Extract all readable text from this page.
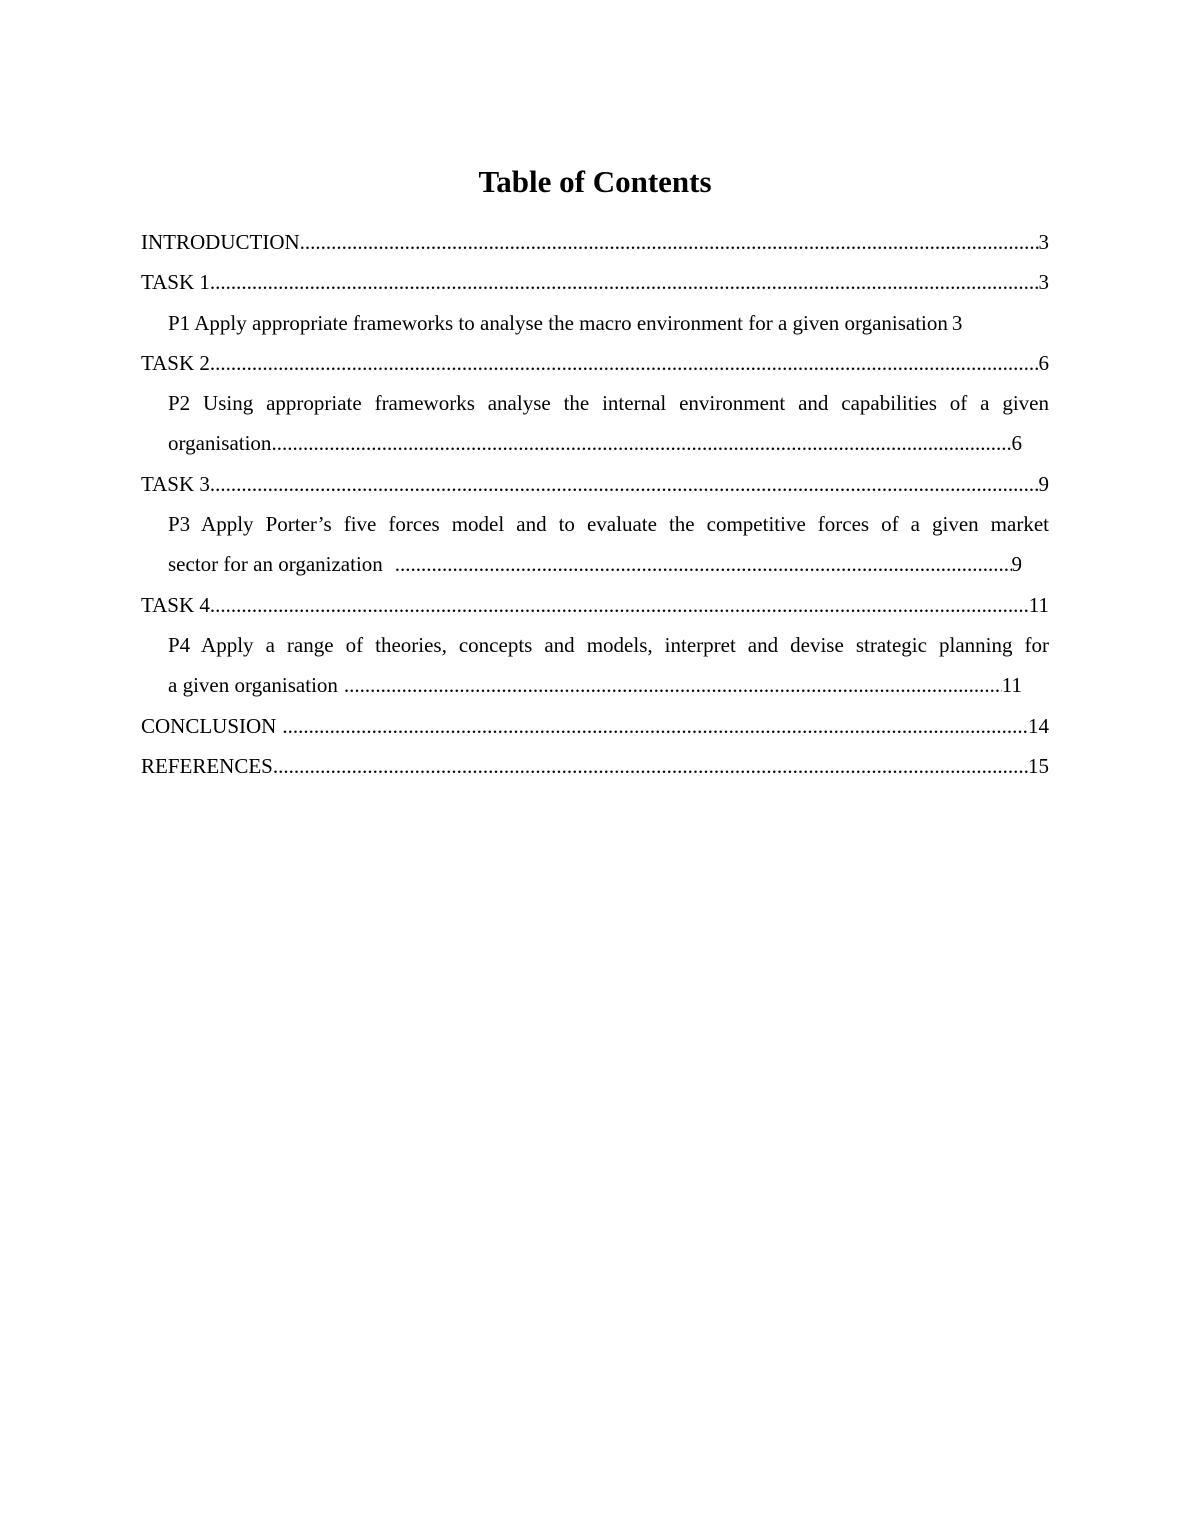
Table of Contents
INTRODUCTION .....	3
TASK 1 .....	3
P1 Apply appropriate frameworks to analyse the macro environment for a given organisation 3
TASK 2 .....	6
P2 Using appropriate frameworks analyse the internal environment and capabilities of a given
organisation .....	6
TASK 3 .....	9
P3 Apply Porter’s five forces model and to evaluate the competitive forces of a given market
sector for an organization .....	9
TASK 4 .....	11
P4 Apply a range of theories, concepts and models, interpret and devise strategic planning for
a given organisation .....	11
CONCLUSION .....	14
REFERENCES .....	15
